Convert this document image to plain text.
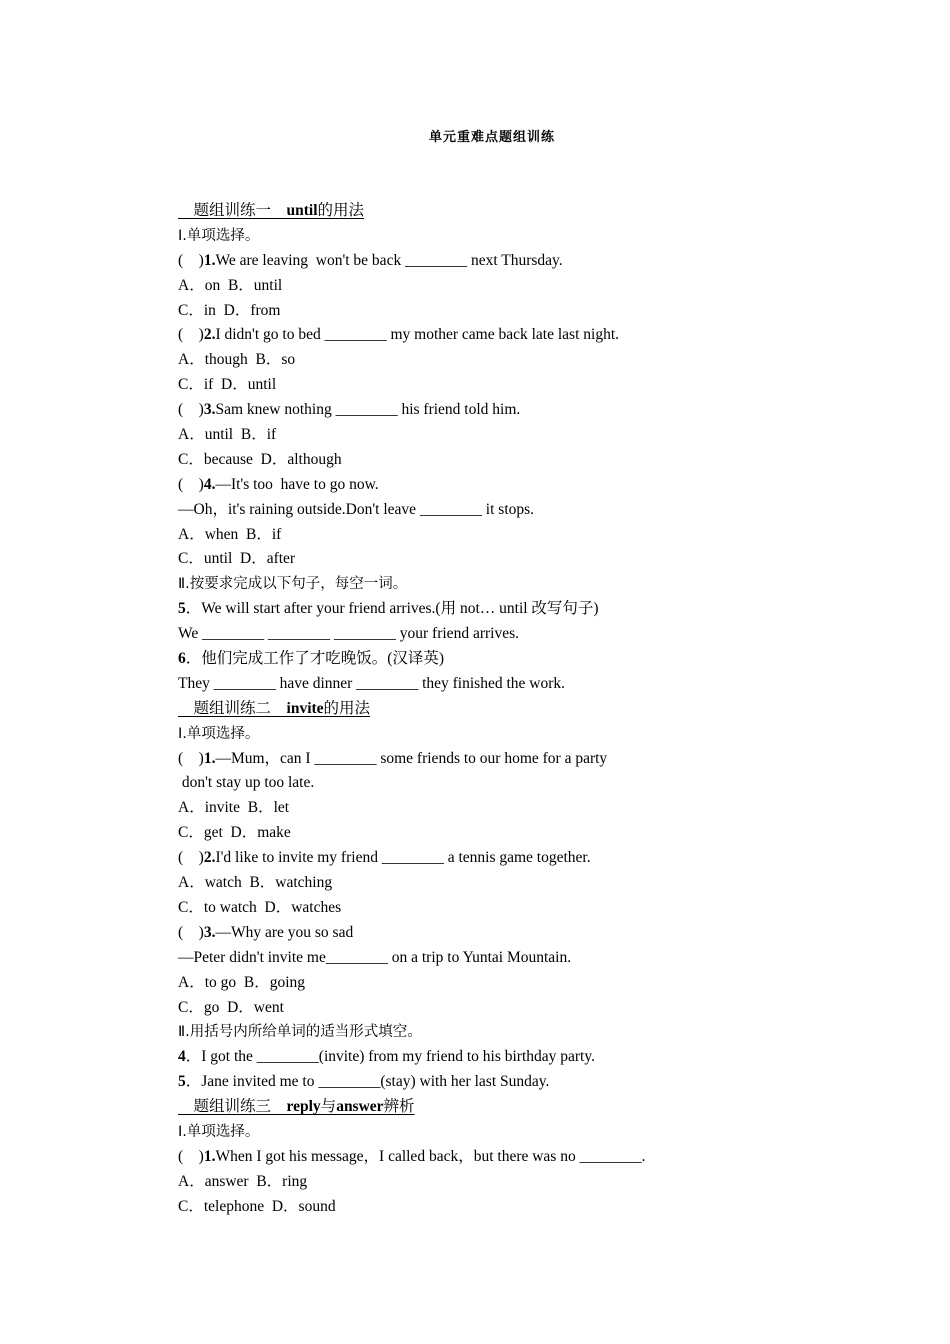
单元重难点题组训练
　题组训练一　until的用法
Ⅰ.单项选择。
(　)1.We are leaving  won't be back ________ next Thursday.
A．on  B．until
C．in  D．from
(　)2.I didn't go to bed ________ my mother came back late last night.
A．though  B．so
C．if  D．until
(　)3.Sam knew nothing ________ his friend told him.
A．until  B．if
C．because  D．although
(　)4.—It's too  have to go now.
—Oh，it's raining outside.Don't leave ________ it stops.
A．when  B．if
C．until  D．after
Ⅱ.按要求完成以下句子，每空一词。
5．We will start after your friend arrives.(用 not… until 改写句子)
We ________ ________ ________ your friend arrives.
6．他们完成工作了才吃晚饭。(汉译英)
They ________ have dinner ________ they finished the work.
　题组训练二　invite的用法
Ⅰ.单项选择。
(　)1.—Mum，can I ________ some friends to our home for a party
don't stay up too late.
A．invite  B．let
C．get  D．make
(　)2.I'd like to invite my friend ________ a tennis game together.
A．watch  B．watching
C．to watch  D．watches
(　)3.—Why are you so sad
—Peter didn't invite me________ on a trip to Yuntai Mountain.
A．to go  B．going
C．go  D．went
Ⅱ.用括号内所给单词的适当形式填空。
4．I got the ________(invite) from my friend to his birthday party.
5．Jane invited me to ________(stay) with her last Sunday.
　题组训练三　reply与answer辨析
Ⅰ.单项选择。
(　)1.When I got his message，I called back，but there was no ________.
A．answer  B．ring
C．telephone  D．sound
